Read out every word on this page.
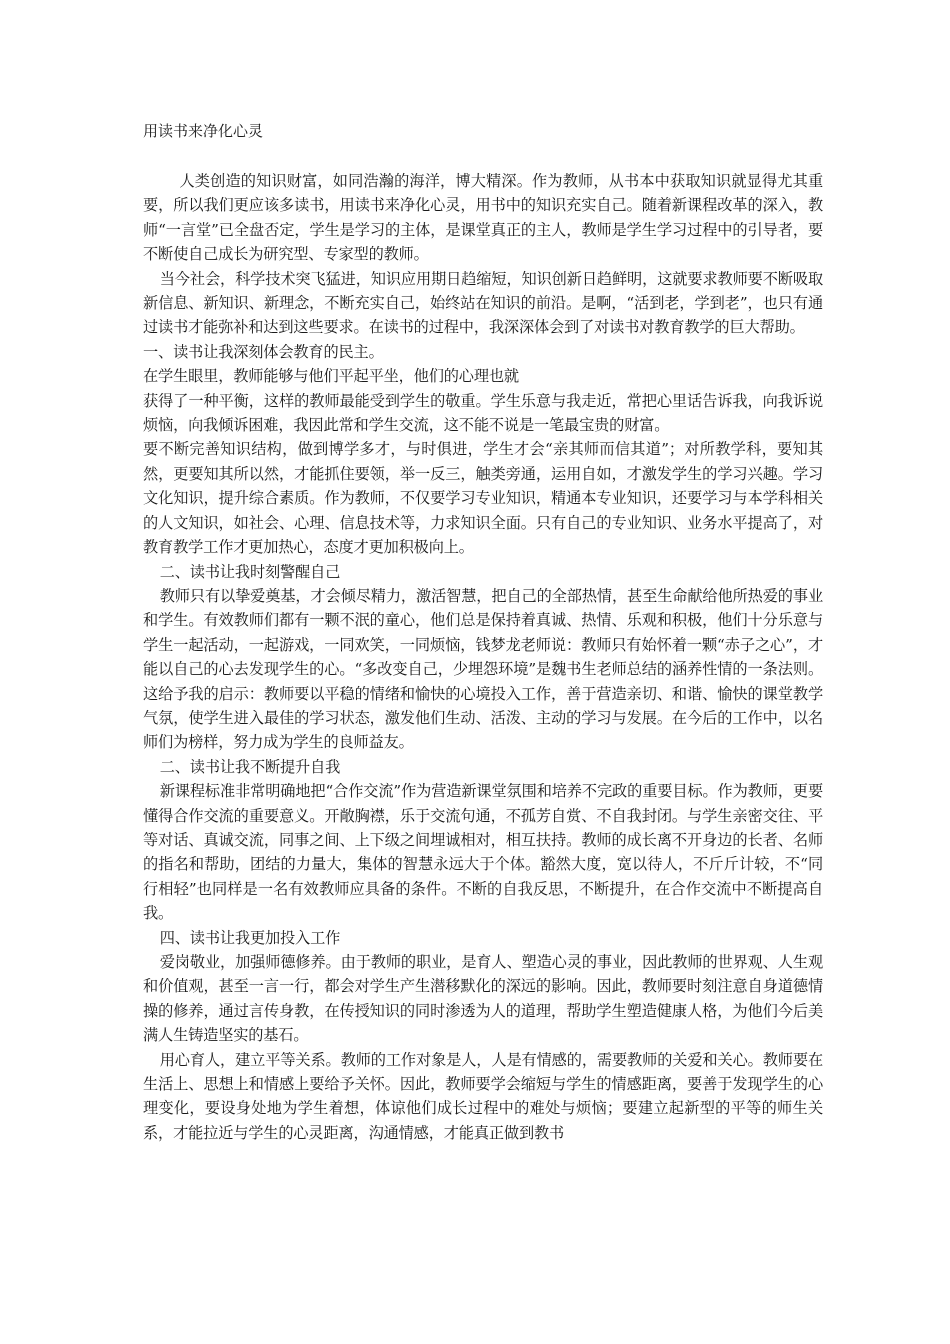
用读书来净化心灵

人类创造的知识财富，如同浩瀚的海洋，博大精深。作为教师，从书本中获取知识就显得尤其重要，所以我们更应该多读书，用读书来净化心灵，用书中的知识充实自己。随着新课程改革的深入，教师“一言堂”已全盘否定，学生是学习的主体，是课堂真正的主人，教师是学生学习过程中的引导者，要不断使自己成长为研究型、专家型的教师。

当今社会，科学技术突飞猛进，知识应用期日趋缩短，知识创新日趋鲜明，这就要求教师要不断吸取新信息、新知识、新理念，不断充实自己，始终站在知识的前沿。是啊，“活到老，学到老”，也只有通过读书才能弥补和达到这些要求。在读书的过程中，我深深体会到了对读书对教育教学的巨大帮助。

一、读书让我深刻体会教育的民主。

在学生眼里，教师能够与他们平起平坐，他们的心理也就

获得了一种平衡，这样的教师最能受到学生的敬重。学生乐意与我走近，常把心里话告诉我，向我诉说烦恼，向我倾诉困难，我因此常和学生交流，这不能不说是一笔最宝贵的财富。

要不断完善知识结构，做到博学多才，与时俱进，学生才会“亲其师而信其道”；对所教学科，要知其然，更要知其所以然，才能抓住要领，举一反三，触类旁通，运用自如，才激发学生的学习兴趣。学习文化知识，提升综合素质。作为教师，不仅要学习专业知识，精通本专业知识，还要学习与本学科相关的人文知识，如社会、心理、信息技术等，力求知识全面。只有自己的专业知识、业务水平提高了，对教育教学工作才更加热心，态度才更加积极向上。

二、读书让我时刻警醒自己

教师只有以挚爱奠基，才会倾尽精力，激活智慧，把自己的全部热情，甚至生命献给他所热爱的事业和学生。有效教师们都有一颗不泯的童心，他们总是保持着真诚、热情、乐观和积极，他们十分乐意与学生一起活动，一起游戏，一同欢笑，一同烦恼，钱梦龙老师说：教师只有始怀着一颗“赤子之心”，才能以自己的心去发现学生的心。“多改变自己，少埋怨环境”是魏书生老师总结的涵养性情的一条法则。这给予我的启示：教师要以平稳的情绪和愉快的心境投入工作，善于营造亲切、和谐、愉快的课堂教学气氛，使学生进入最佳的学习状态，激发他们生动、活泼、主动的学习与发展。在今后的工作中，以名师们为榜样，努力成为学生的良师益友。

二、读书让我不断提升自我

新课程标准非常明确地把“合作交流”作为营造新课堂氛围和培养不完政的重要目标。作为教师，更要懂得合作交流的重要意义。开敞胸襟，乐于交流句通，不孤芳自赏、不自我封闭。与学生亲密交往、平等对话、真诚交流，同事之间、上下级之间埋诚相对，相互扶持。教师的成长离不开身边的长者、名师的指名和帮助，团结的力量大，集体的智慧永远大于个体。豁然大度，宽以待人，不斤斤计较，不“同行相轻”也同样是一名有效教师应具备的条件。不断的自我反思，不断提升，在合作交流中不断提高自我。

四、读书让我更加投入工作

爱岗敬业，加强师德修养。由于教师的职业，是育人、塑造心灵的事业，因此教师的世界观、人生观和价值观，甚至一言一行，都会对学生产生潜移默化的深远的影响。因此，教师要时刻注意自身道德情操的修养，通过言传身教，在传授知识的同时渗透为人的道理，帮助学生塑造健康人格，为他们今后美满人生铸造坚实的基石。

用心育人，建立平等关系。教师的工作对象是人，人是有情感的，需要教师的关爱和关心。教师要在生活上、思想上和情感上要给予关怀。因此，教师要学会缩短与学生的情感距离，要善于发现学生的心理变化，要设身处地为学生着想，体谅他们成长过程中的难处与烦恼；要建立起新型的平等的师生关系，才能拉近与学生的心灵距离，沟通情感，才能真正做到教书
